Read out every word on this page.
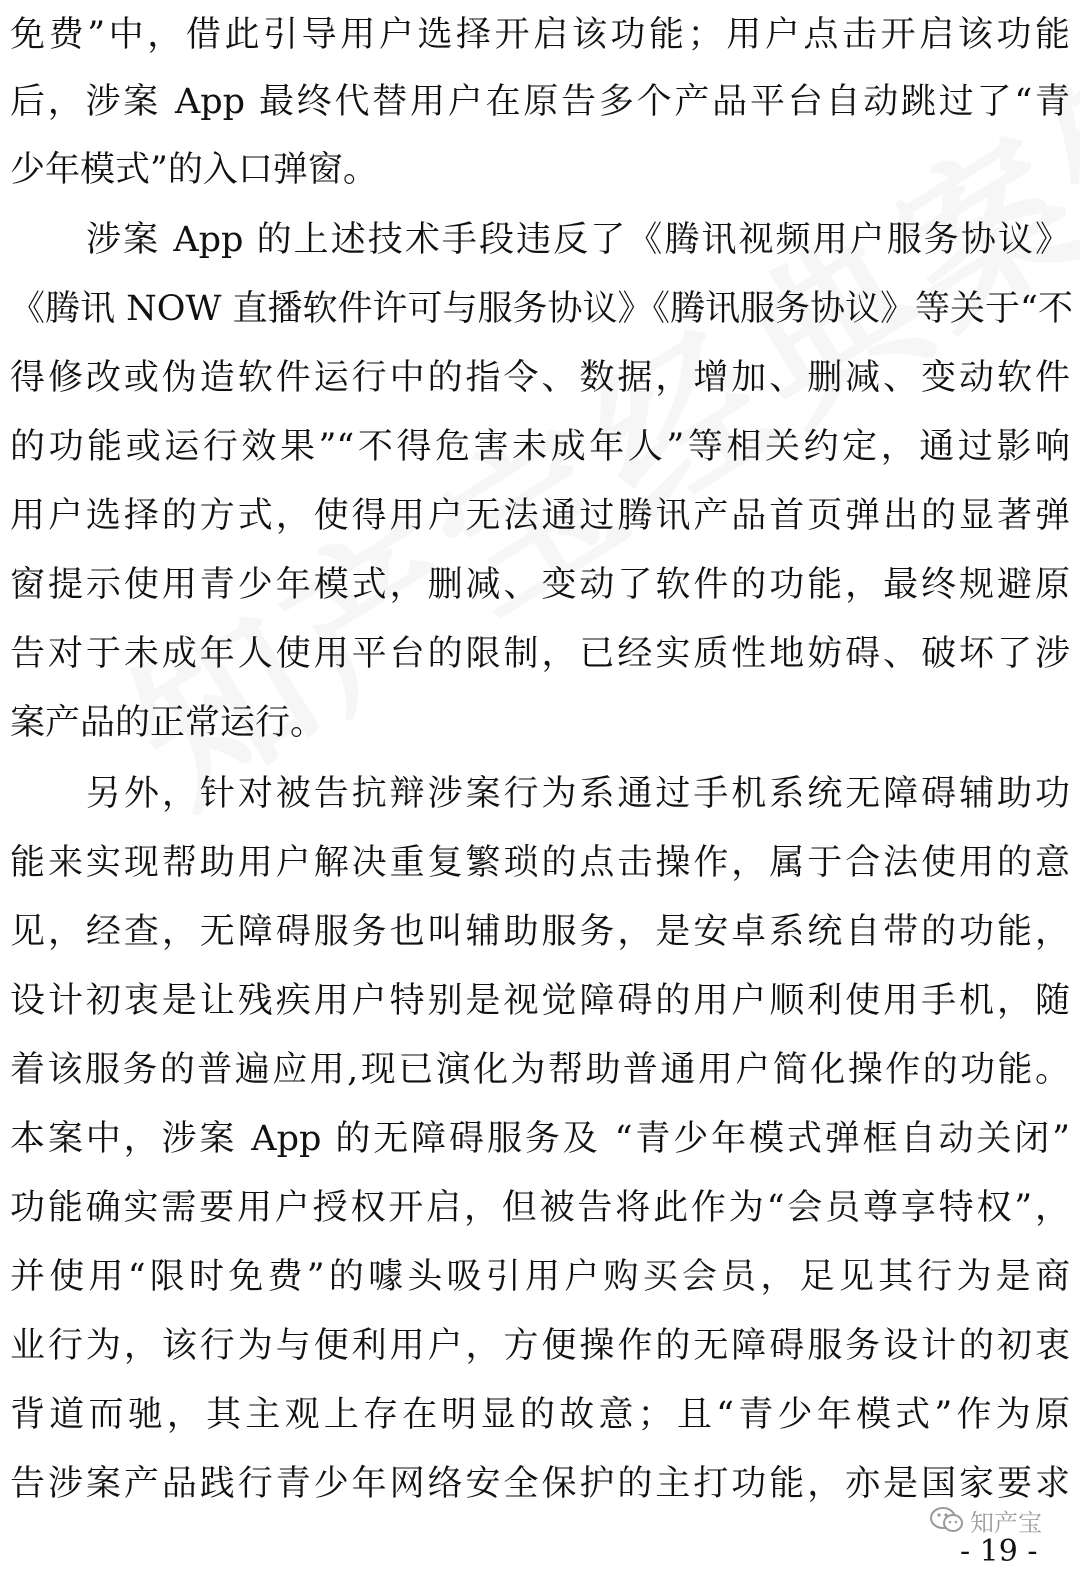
免费”中，借此引导用户选择开启该功能；用户点击开启该功能
后，涉案 App 最终代替用户在原告多个产品平台自动跳过了“青
少年模式”的入口弹窗。
涉案 App 的上述技术手段违反了《腾讯视频用户服务协议》
《腾讯 NOW 直播软件许可与服务协议》《腾讯服务协议》等关于“不
得修改或伪造软件运行中的指令、数据，增加、删减、变动软件
的功能或运行效果”“不得危害未成年人”等相关约定，通过影响
用户选择的方式，使得用户无法通过腾讯产品首页弹出的显著弹
窗提示使用青少年模式，删减、变动了软件的功能，最终规避原
告对于未成年人使用平台的限制，已经实质性地妨碍、破坏了涉
案产品的正常运行。
另外，针对被告抗辩涉案行为系通过手机系统无障碍辅助功
能来实现帮助用户解决重复繁琐的点击操作，属于合法使用的意
见，经查，无障碍服务也叫辅助服务，是安卓系统自带的功能，
设计初衷是让残疾用户特别是视觉障碍的用户顺利使用手机，随
着该服务的普遍应用,现已演化为帮助普通用户简化操作的功能。
本案中，涉案 App 的无障碍服务及 “青少年模式弹框自动关闭”
功能确实需要用户授权开启，但被告将此作为“会员尊享特权”，
并使用“限时免费”的噱头吸引用户购买会员，足见其行为是商
业行为，该行为与便利用户，方便操作的无障碍服务设计的初衷
背道而驰，其主观上存在明显的故意；且“青少年模式”作为原
告涉案产品践行青少年网络安全保护的主打功能，亦是国家要求
知产宝
- 19 -
